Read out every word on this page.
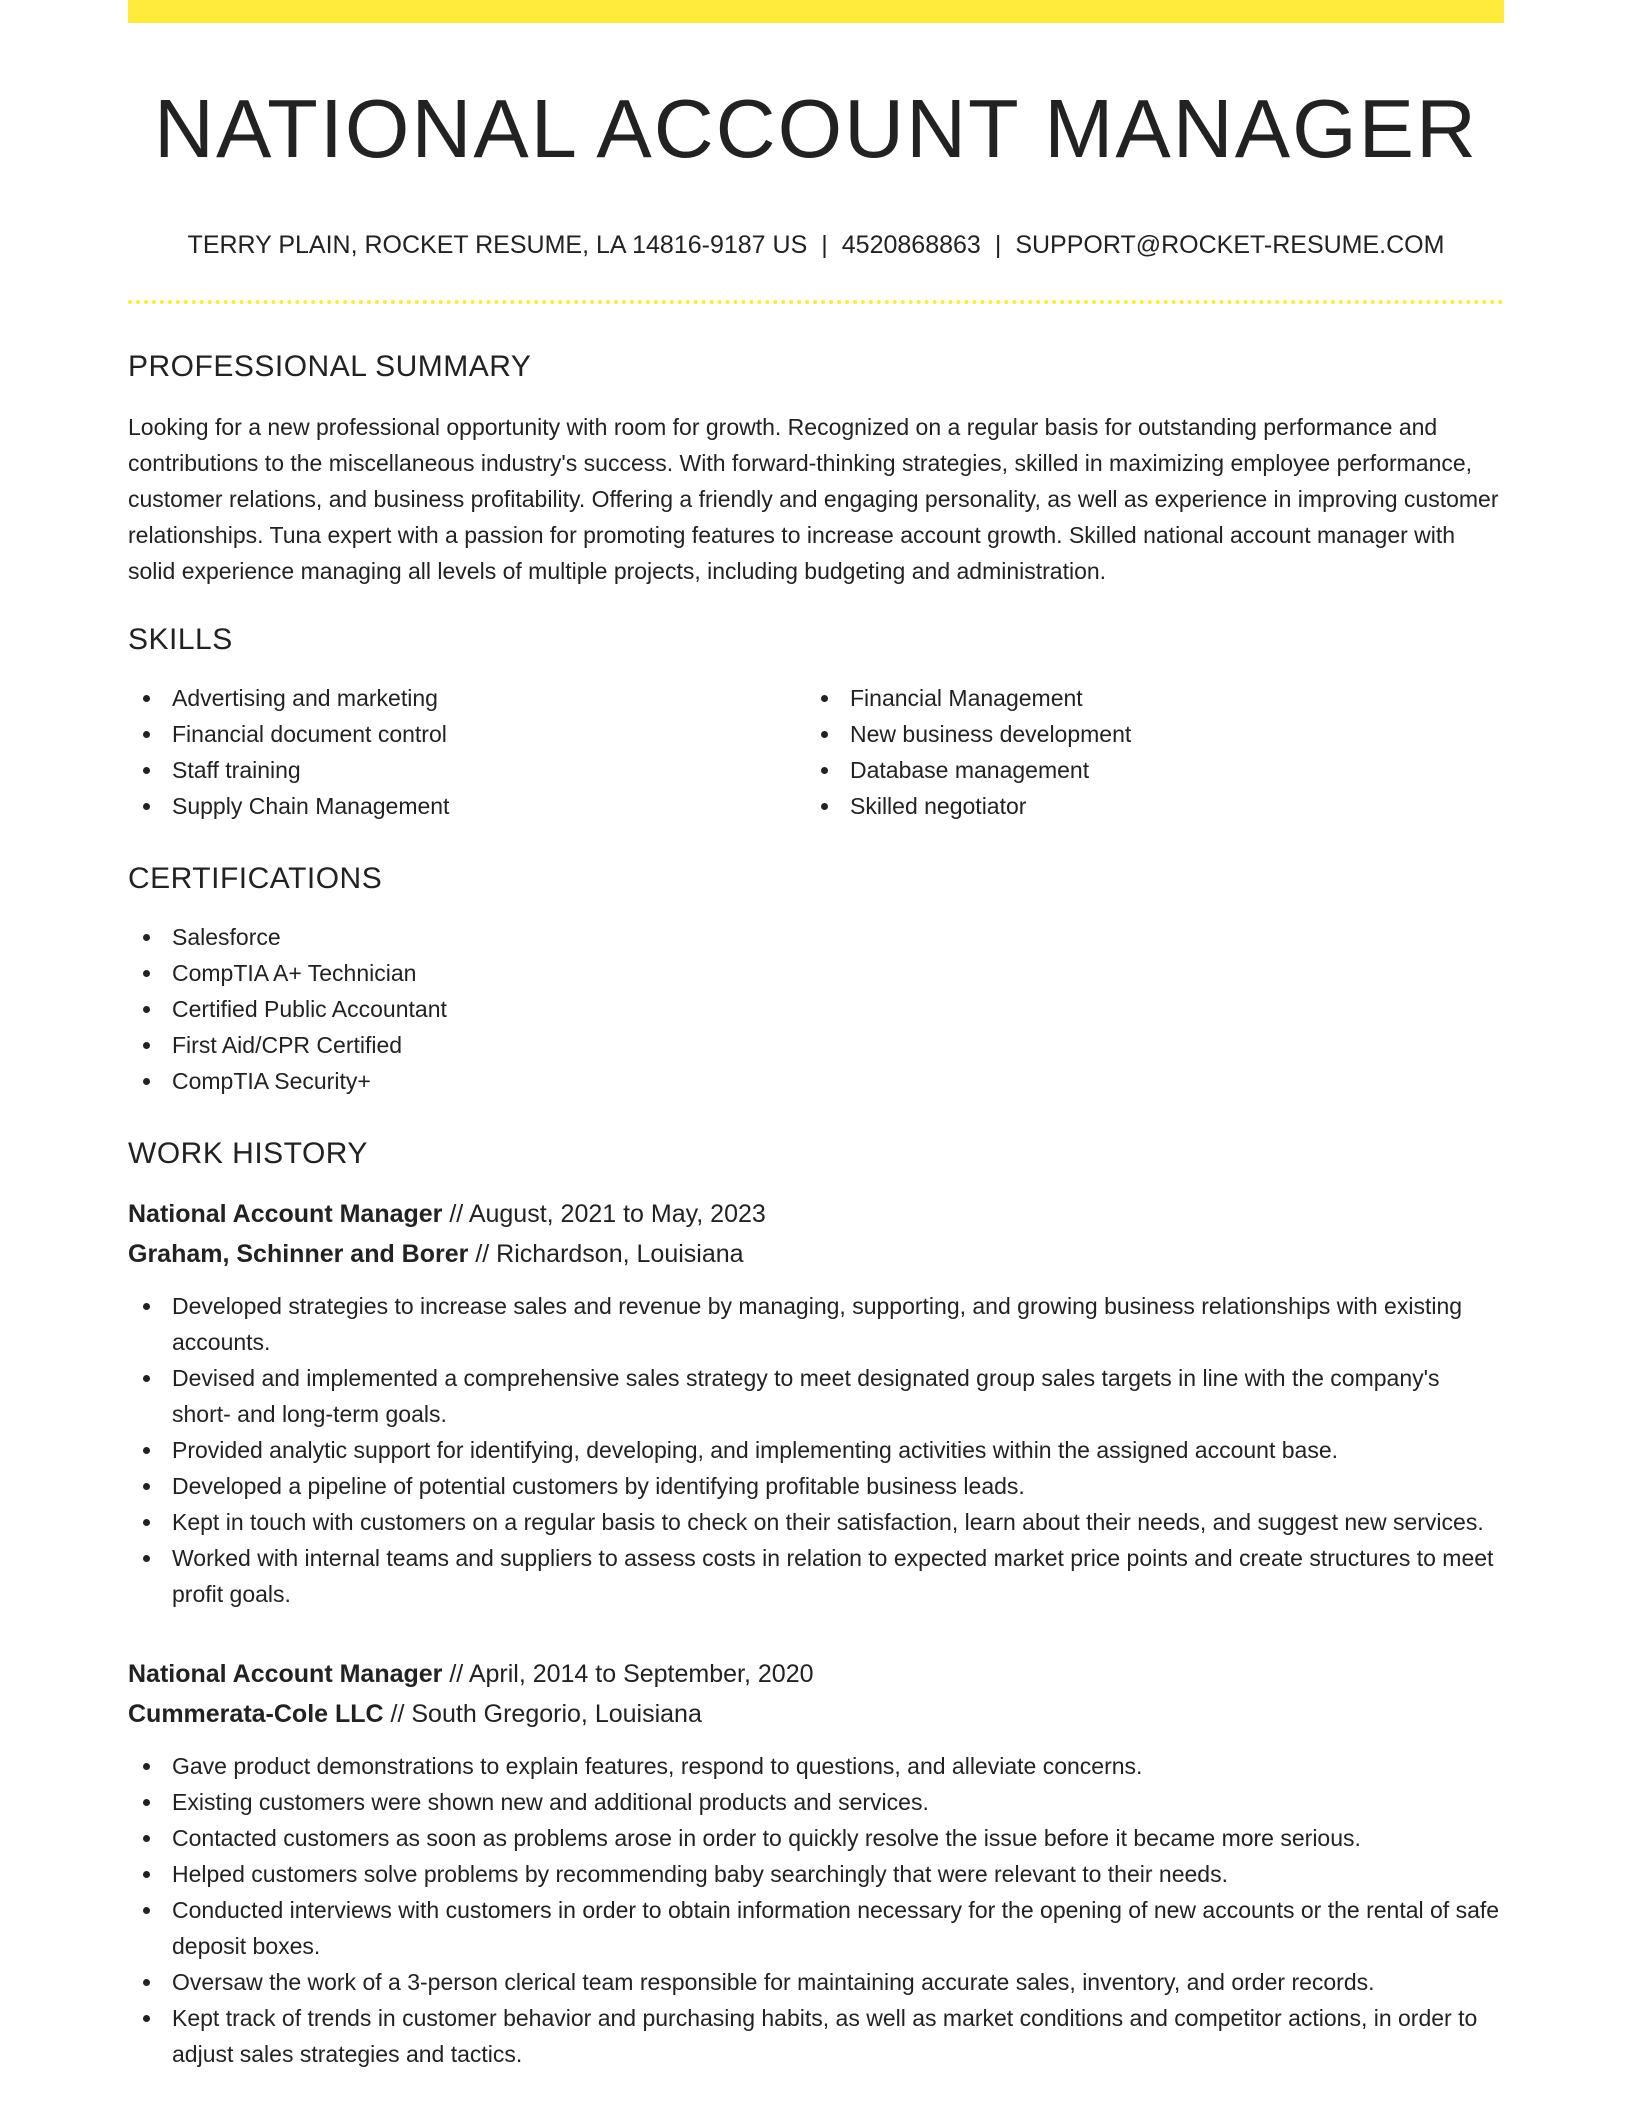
NATIONAL ACCOUNT MANAGER
TERRY PLAIN, ROCKET RESUME, LA 14816-9187 US | 4520868863 | SUPPORT@ROCKET-RESUME.COM
PROFESSIONAL SUMMARY

Looking for a new professional opportunity with room for growth. Recognized on a regular basis for outstanding performance and contributions to the miscellaneous industry's success. With forward-thinking strategies, skilled in maximizing employee performance, customer relations, and business profitability. Offering a friendly and engaging personality, as well as experience in improving customer relationships. Tuna expert with a passion for promoting features to increase account growth. Skilled national account manager with solid experience managing all levels of multiple projects, including budgeting and administration.

SKILLS
Advertising and marketing
Financial document control
Staff training
Supply Chain Management
Financial Management
New business development
Database management
Skilled negotiator
CERTIFICATIONS
Salesforce
CompTIA A+ Technician
Certified Public Accountant
First Aid/CPR Certified
CompTIA Security+
WORK HISTORY
National Account Manager // August, 2021 to May, 2023
Graham, Schinner and Borer // Richardson, Louisiana
Developed strategies to increase sales and revenue by managing, supporting, and growing business relationships with existing accounts.
Devised and implemented a comprehensive sales strategy to meet designated group sales targets in line with the company's short- and long-term goals.
Provided analytic support for identifying, developing, and implementing activities within the assigned account base.
Developed a pipeline of potential customers by identifying profitable business leads.
Kept in touch with customers on a regular basis to check on their satisfaction, learn about their needs, and suggest new services.
Worked with internal teams and suppliers to assess costs in relation to expected market price points and create structures to meet profit goals.
National Account Manager // April, 2014 to September, 2020
Cummerata-Cole LLC // South Gregorio, Louisiana
Gave product demonstrations to explain features, respond to questions, and alleviate concerns.
Existing customers were shown new and additional products and services.
Contacted customers as soon as problems arose in order to quickly resolve the issue before it became more serious.
Helped customers solve problems by recommending baby searchingly that were relevant to their needs.
Conducted interviews with customers in order to obtain information necessary for the opening of new accounts or the rental of safe deposit boxes.
Oversaw the work of a 3-person clerical team responsible for maintaining accurate sales, inventory, and order records.
Kept track of trends in customer behavior and purchasing habits, as well as market conditions and competitor actions, in order to adjust sales strategies and tactics.
